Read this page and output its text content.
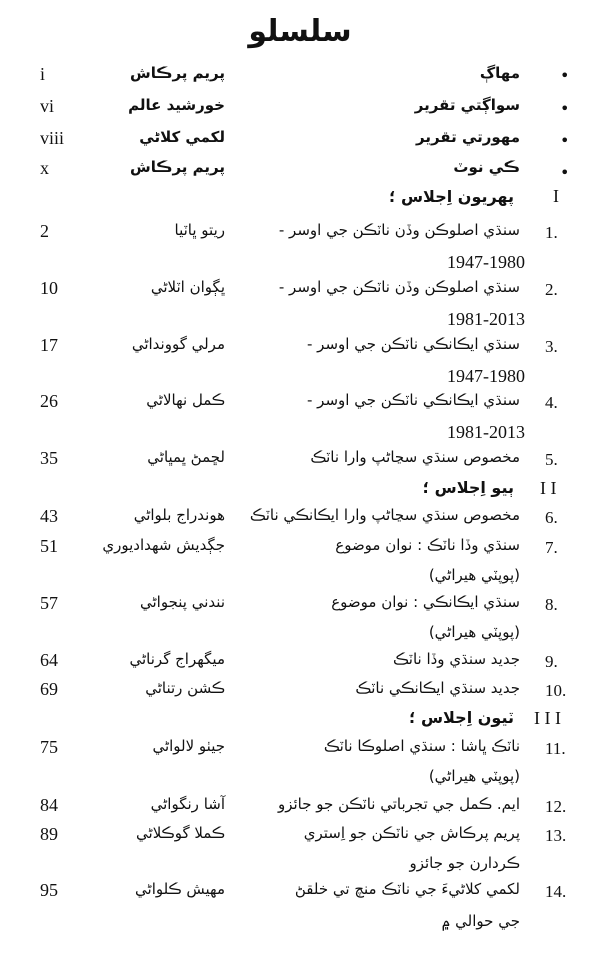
سلسلو
•
مهاڳ
پريم پرڪاش
i
•
سواڳتي تقرير
خورشيد عالم
vi
•
مهورتي تقرير
لکمي کلاڻي
viii
•
ڪي نوٽ
پريم پرڪاش
x
I
پهريون اِجلاس ؛
1.
سنڌي اصلوڪن وڏن ناٽڪن جي اوسر -
1947-1980
ريتو ڀاٽيا
2
2.
سنڌي اصلوڪن وڏن ناٽڪن جي اوسر -
1981-2013
ڀڳوان اٽلاڻي
10
3.
سنڌي ايڪانڪي ناٽڪن جي اوسر -
1947-1980
مرلي گوونداڻي
17
4.
سنڌي ايڪانڪي ناٽڪن جي اوسر -
1981-2013
ڪمل نهالاڻي
26
5.
مخصوص سنڌي سڃاڻپ وارا ناٽڪ
لڇمڻ ڀمڀاڻي
35
I I
ٻيو اِجلاس ؛
6.
مخصوص سنڌي سڃاڻپ وارا ايڪانڪي ناٽڪ
هوندراج بلواڻي
43
7.
سنڌي وڏا ناٽڪ : نوان موضوع
(پوپٽي هيراڻي)
جڳديش شهداديوري
51
8.
سنڌي ايڪانڪي : نوان موضوع
(پوپٽي هيراڻي)
نندني پنجواڻي
57
9.
جديد سنڌي وڏا ناٽڪ
ميگهراج گرناڻي
64
10.
جديد سنڌي ايڪانڪي ناٽڪ
ڪشن رتناڻي
69
I I I
ٽيون اِجلاس ؛
11.
ناٽڪ ڀاشا : سنڌي اصلوڪا ناٽڪ
(پوپٽي هيراڻي)
جيٺو لالواڻي
75
12.
ايم. ڪمل جي تجرباتي ناٽڪن جو جائزو
آشا رنگواڻي
84
13.
پريم پرڪاش جي ناٽڪن جو اِستري
ڪردارن جو جائزو
ڪملا گوڪلاڻي
89
14.
لکمي کلاڻيءَ جي ناٽڪ منچ تي خلقڻ
جي حوالي ۾
مهيش ڪلواڻي
95
